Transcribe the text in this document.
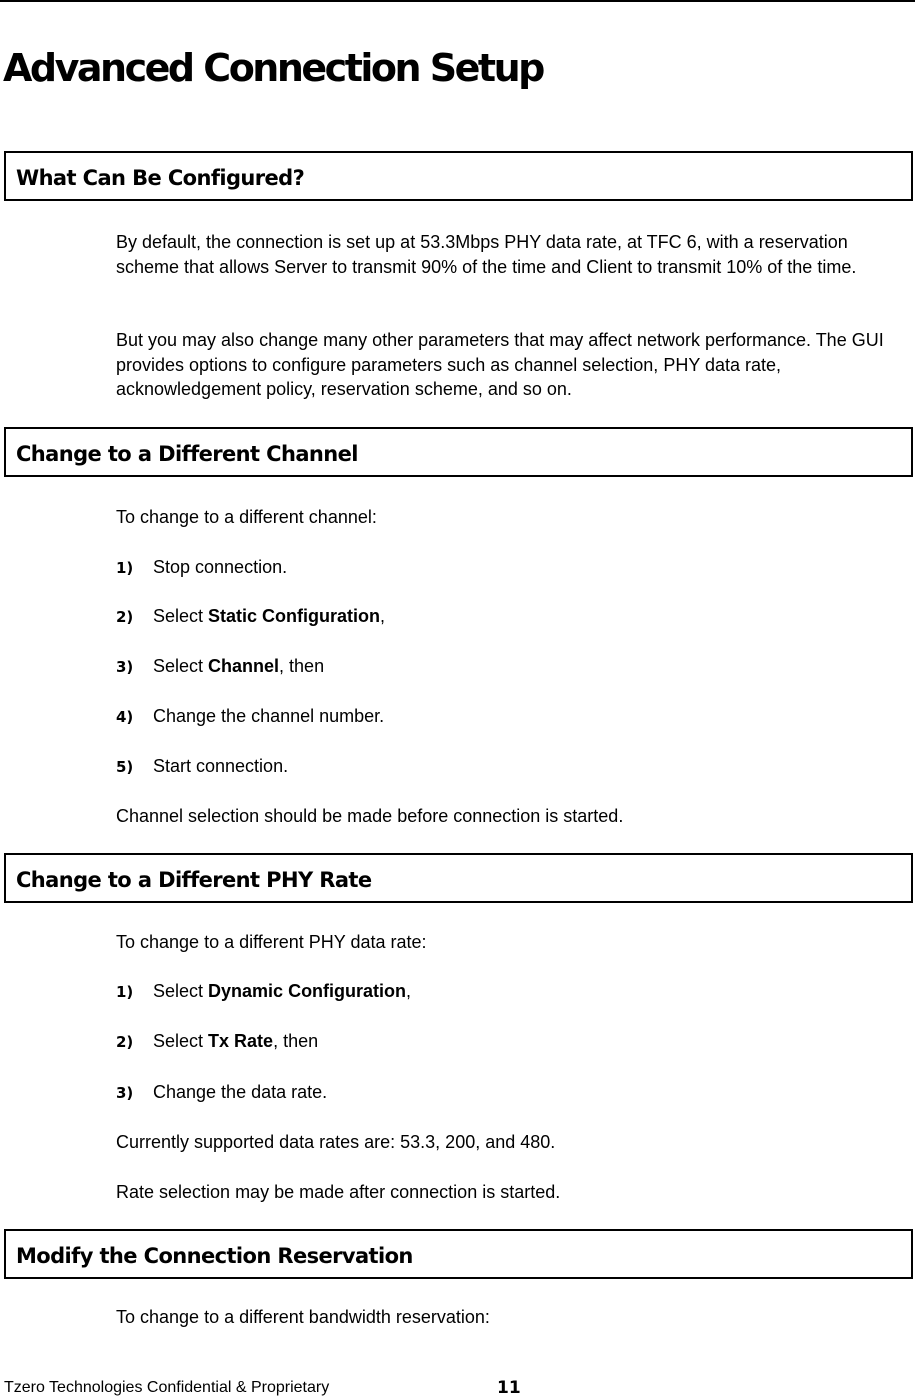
Advanced Connection Setup
What Can Be Configured?

By default, the connection is set up at 53.3Mbps PHY data rate, at TFC 6, with a reservation scheme that allows Server to transmit 90% of the time and Client to transmit 10% of the time.

But you may also change many other parameters that may affect network performance. The GUI provides options to configure parameters such as channel selection, PHY data rate, acknowledgement policy, reservation scheme, and so on.

Change to a Different Channel

To change to a different channel:

1) Stop connection.
2) Select Static Configuration,
3) Select Channel, then
4) Change the channel number.
5) Start connection.

Channel selection should be made before connection is started.

Change to a Different PHY Rate

To change to a different PHY data rate:

1) Select Dynamic Configuration,
2) Select Tx Rate, then
3) Change the data rate.

Currently supported data rates are: 53.3, 200, and 480.

Rate selection may be made after connection is started.

Modify the Connection Reservation

To change to a different bandwidth reservation:

Tzero Technologies Confidential & Proprietary	11
